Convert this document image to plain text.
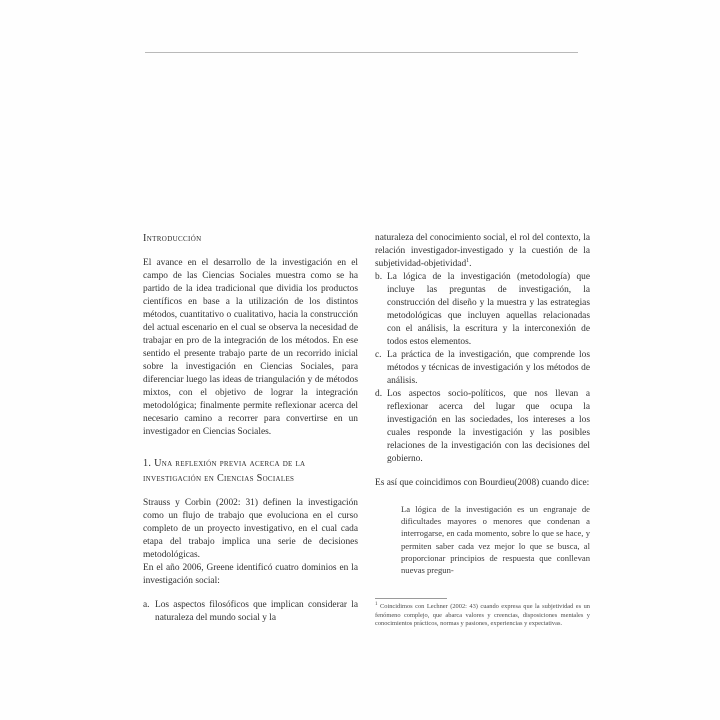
Introducción

El avance en el desarrollo de la investigación en el campo de las Ciencias Sociales muestra como se ha partido de la idea tradicional que dividia los productos científicos en base a la utilización de los distintos métodos, cuantitativo o cualitativo, hacia la construcción del actual escenario en el cual se observa la necesidad de trabajar en pro de la integración de los métodos. En ese sentido el presente trabajo parte de un recorrido inicial sobre la investigación en Ciencias Sociales, para diferenciar luego las ideas de triangulación y de métodos mixtos, con el objetivo de lograr la integración metodológica; finalmente permite reflexionar acerca del necesario camino a recorrer para convertirse en un investigador en Ciencias Sociales.

1. Una reflexión previa acerca de la investigación en Ciencias Sociales

Strauss y Corbin (2002: 31) definen la investigación como un flujo de trabajo que evoluciona en el curso completo de un proyecto investigativo, en el cual cada etapa del trabajo implica una serie de decisiones metodológicas.

En el año 2006, Greene identificó cuatro dominios en la investigación social:

a. Los aspectos filosóficos que implican considerar la naturaleza del mundo social y la

naturaleza del conocimiento social, el rol del contexto, la relación investigador-investigado y la cuestión de la subjetividad-objetividad$^1$.

b. La lógica de la investigación (metodología) que incluye las preguntas de investigación, la construcción del diseño y la muestra y las estrategias metodológicas que incluyen aquellas relacionadas con el análisis, la escritura y la interconexión de todos estos elementos.
c. La práctica de la investigación, que comprende los métodos y técnicas de investigación y los métodos de análisis.
d. Los aspectos socio-políticos, que nos llevan a reflexionar acerca del lugar que ocupa la investigación en las sociedades, los intereses a los cuales responde la investigación y las posibles relaciones de la investigación con las decisiones del gobierno.

Es así que coincidimos con Bourdieu(2008) cuando dice:

La lógica de la investigación es un engranaje de dificultades mayores o menores que condenan a interrogarse, en cada momento, sobre lo que se hace, y permiten saber cada vez mejor lo que se busca, al proporcionar principios de respuesta que conllevan nuevas pregun-

$^1$ Coincidimos con Lechner (2002: 43) cuando expresa que la subjetividad es un fenómeno complejo, que abarca valores y creencias, disposiciones mentales y conocimientos prácticos, normas y pasiones, experiencias y expectativas.
